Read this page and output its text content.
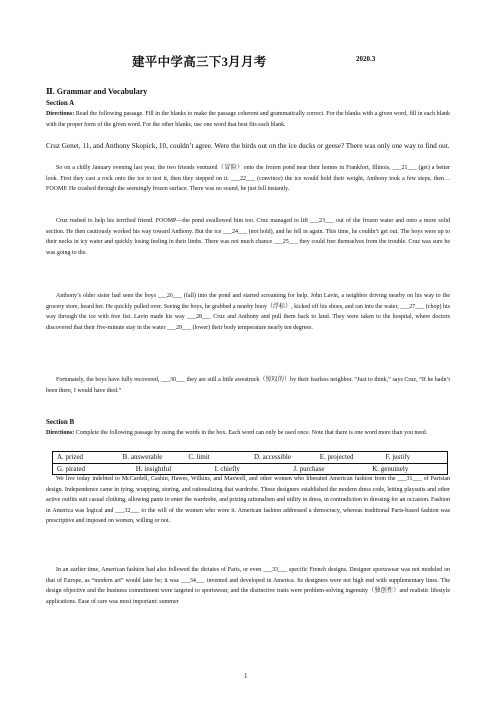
建平中学高三下3月月考	2020.3
Ⅱ. Grammar and Vocabulary
Section A
Directions: Read the following passage. Fill in the blanks to make the passage coherent and grammatically correct. For the blanks with a given word, fill in each blank with the proper form of the given word. For the other blanks, use one word that best fits each blank.
Cruz Genet, 11, and Anthony Skopick, 10, couldn’t agree. Were the birds out on the ice ducks or geese? There was only one way to find out.
So on a chilly January evening last year, the two friends ventured（冒险）onto the frozen pond near their homes in Frankfort, Illinois, ___21___ (get) a better look. First they cast a rock onto the ice to test it, then they stepped on it. ___22___ (convince) the ice would hold their weight, Anthony took a few steps, then… FOOMP. He crashed through the seemingly frozen surface. There was no sound, he just fell instantly.
Cruz rushed to help his terrified friend. FOOMP—the pond swallowed him too. Cruz managed to lift ___23___ out of the frozen water and onto a more solid section. He then cautiously worked his way toward Anthony. But the ice ___24___ (not hold), and he fell in again. This time, he couldn’t get out. The boys were up to their necks in icy water and quickly losing feeling in their limbs. There was not much chance ___25___ they could free themselves from the trouble. Cruz was sure he was going to die.
Anthony’s older sister had seen the boys ___26___ (fall) into the pond and started screaming for help. John Lavin, a neighbor driving nearby on his way to the grocery store, heard her. He quickly pulled over. Seeing the boys, he grabbed a nearby buoy（浮标）, kicked off his shoes, and ran into the water, ___27___ (chop) his way through the ice with free fist. Lavin made his way ___28___ Cruz and Anthony and pull them back to land. They were taken to the hospital, where doctors discovered that their five-minute stay in the water ___29___ (lower) their body temperature nearly ten degrees.
Fortunately, the boys have fully recovered, ___30___ they are still a little awestruck（惊叹的）by their fearless neighbor. “Just to think,” says Cruz, “If he hadn’t been there, I would have died.”
Section B
Directions: Complete the following passage by using the words in the box. Each word can only be used once. Note that there is one word more than you need.
A. prized	B. answerable	C. limit	D. accessible	E. projected	F. justify
G. pirated	H. insightful	I. chiefly	J. purchase	K. genuinely
We live today indebted to McCardell, Cashin, Hawes, Wilkins, and Maxwell, and other women who liberated American fashion from the ___31___ of Parisian design. Independence came in tying, wrapping, storing, and rationalizing that wardrobe. These designers established the modern dress code, letting playsuits and other active outfits suit casual clothing, allowing pants to enter the wardrobe, and prizing rationalism and utility in dress, in contradiction to dressing for an occasion. Fashion in America was logical and ___32___ to the will of the women who wore it. American fashion addressed a democracy, whereas traditional Paris-based fashion was prescriptive and imposed on women, willing or not.
In an earlier time, American fashion had also followed the dictates of Paris, or even ___33___ specific French designs. Designer sportswear was not modeled on that of Europe, as “modern art” would later be; it was ___34___ invented and developed in America. Its designers were not high end with supplementary lines. The design objective and the business commitment were targeted to sportswear, and the distinctive traits were problem-solving ingenuity（独创性）and realistic lifestyle applications. Ease of care was most important: summer
1
